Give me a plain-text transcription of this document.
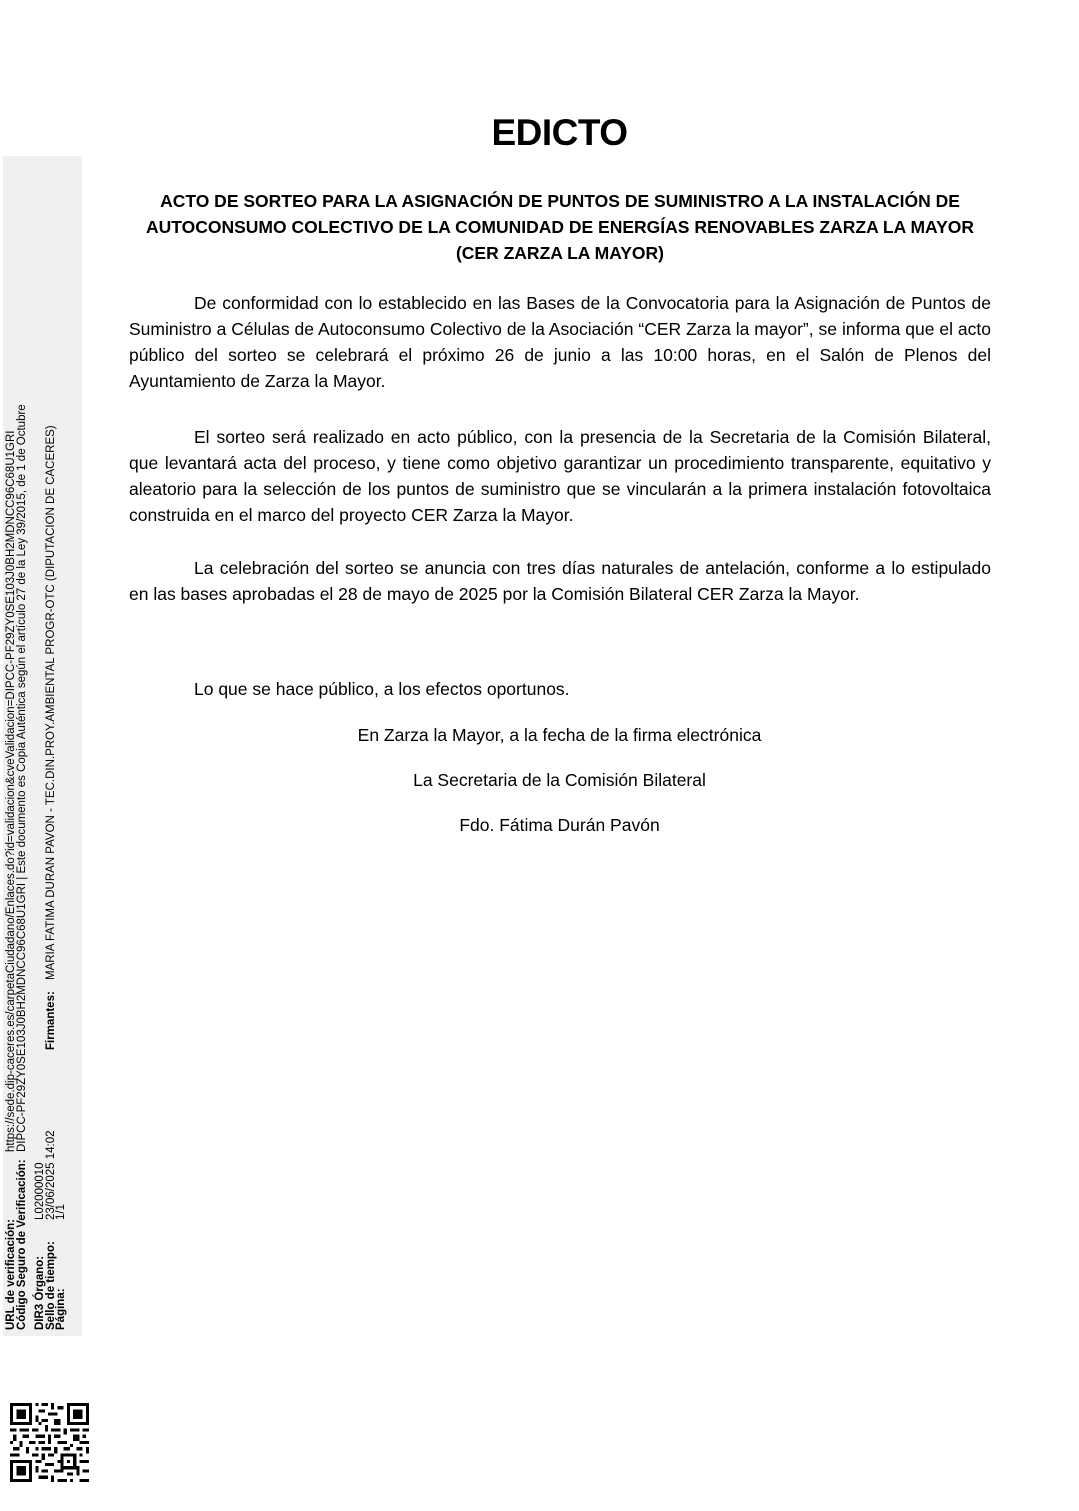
EDICTO
ACTO DE SORTEO PARA LA ASIGNACIÓN DE PUNTOS DE SUMINISTRO A LA INSTALACIÓN DE
AUTOCONSUMO COLECTIVO DE LA COMUNIDAD DE ENERGÍAS RENOVABLES ZARZA LA MAYOR
(CER ZARZA LA MAYOR)

De conformidad con lo establecido en las Bases de la Convocatoria para la Asignación de Puntos de Suministro a Células de Autoconsumo Colectivo de la Asociación “CER Zarza la mayor”, se informa que el acto público del sorteo se celebrará el próximo 26 de junio a las 10:00 horas, en el Salón de Plenos del Ayuntamiento de Zarza la Mayor.

El sorteo será realizado en acto público, con la presencia de la Secretaria de la Comisión Bilateral, que levantará acta del proceso, y tiene como objetivo garantizar un procedimiento transparente, equitativo y aleatorio para la selección de los puntos de suministro que se vincularán a la primera instalación fotovoltaica construida en el marco del proyecto CER Zarza la Mayor.

La celebración del sorteo se anuncia con tres días naturales de antelación, conforme a lo estipulado en las bases aprobadas el 28 de mayo de 2025 por la Comisión Bilateral CER Zarza la Mayor.

Lo que se hace público, a los efectos oportunos.
En Zarza la Mayor, a la fecha de la firma electrónica
La Secretaria de la Comisión Bilateral
Fdo. Fátima Durán Pavón
URL de verificación:
https://sede.dip-caceres.es/carpetaCiudadano/Enlaces.do?id=validacion&cveValidacion=DIPCC-PF29ZY0SE103J0BH2MDNCC96C68U1GRI
Código Seguro de Verificación:
DIPCC-PF29ZY0SE103J0BH2MDNCC96C68U1GRI | Este documento es Copia Auténtica según el artículo 27 de la Ley 39/2015, de 1 de Octubre
DIR3 Órgano:
L02000010
Sello de tiempo:
23/06/2025 14:02
Firmantes:
MARIA FATIMA DURAN PAVON - TEC.DIN.PROY.AMBIENTAL PROGR-OTC (DIPUTACION DE CACERES)
Página:
1/1
